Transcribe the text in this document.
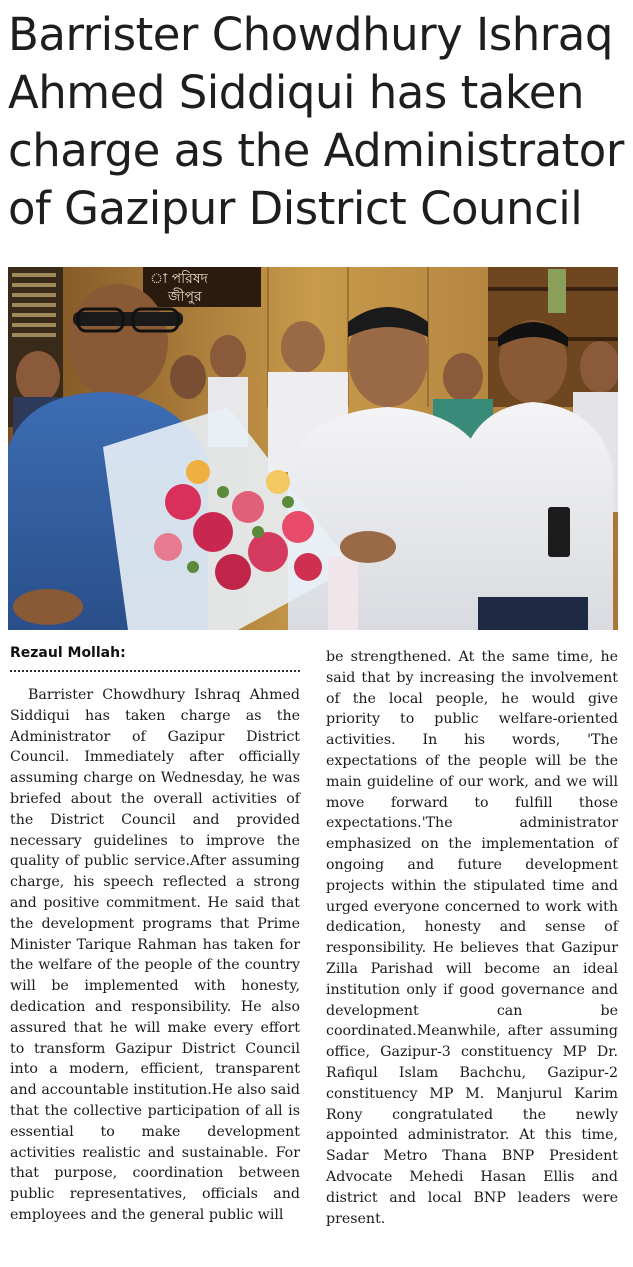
Barrister Chowdhury Ishraq Ahmed Siddiqui has taken charge as the Administrator of Gazipur District Council
া পরিষদ
জীপুর

Rezaul Mollah:

Barrister Chowdhury Ishraq Ahmed Siddiqui has taken charge as the Administrator of Gazipur District Council. Immediately after officially assuming charge on Wednesday, he was briefed about the overall activities of the District Council and provided necessary guidelines to improve the quality of public service.After assuming charge, his speech reflected a strong and positive commitment. He said that the development programs that Prime Minister Tarique Rahman has taken for the welfare of the people of the country will be implemented with honesty, dedication and responsibility. He also assured that he will make every effort to transform Gazipur District Council into a modern, efficient, transparent and accountable institution.He also said that the collective participation of all is essential to make development activities realistic and sustainable. For that purpose, coordination between public representatives, officials and employees and the general public will

be strengthened. At the same time, he said that by increasing the involvement of the local people, he would give priority to public welfare-oriented activities. In his words, 'The expectations of the people will be the main guideline of our work, and we will move forward to fulfill those expectations.'The administrator emphasized on the implementation of ongoing and future development projects within the stipulated time and urged everyone concerned to work with dedication, honesty and sense of responsibility. He believes that Gazipur Zilla Parishad will become an ideal institution only if good governance and development can be coordinated.Meanwhile, after assuming office, Gazipur-3 constituency MP Dr. Rafiqul Islam Bachchu, Gazipur-2 constituency MP M. Manjurul Karim Rony congratulated the newly appointed administrator. At this time, Sadar Metro Thana BNP President Advocate Mehedi Hasan Ellis and district and local BNP leaders were present.
